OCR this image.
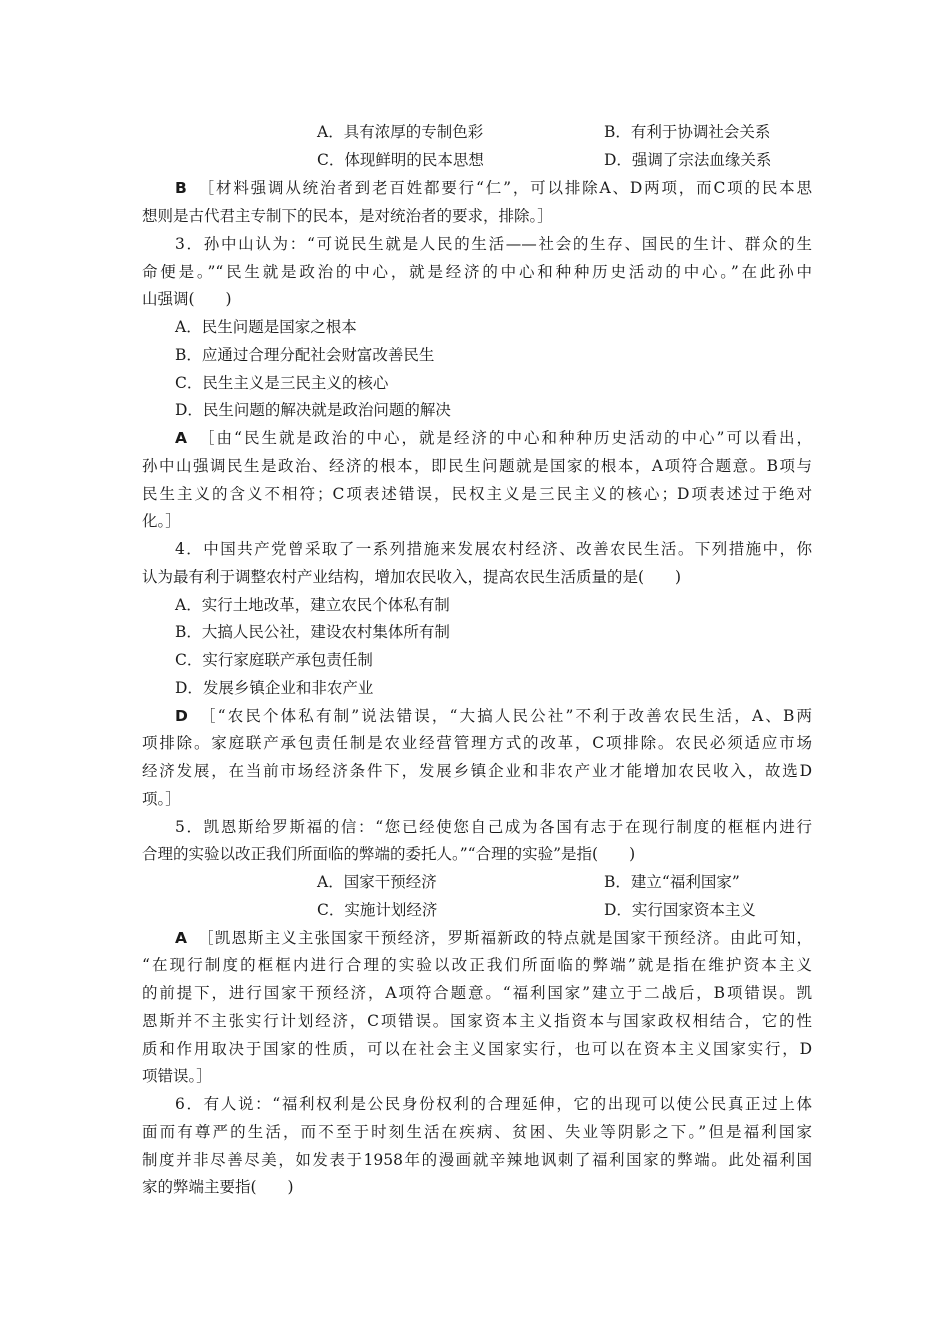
A．具有浓厚的专制色彩	B．有利于协调社会关系
C．体现鲜明的民本思想	D．强调了宗法血缘关系
B ［材料强调从统治者到老百姓都要行“仁”，可以排除A、D两项，而C项的民本思
想则是古代君主专制下的民本，是对统治者的要求，排除。］
3．孙中山认为：“可说民生就是人民的生活——社会的生存、国民的生计、群众的生
命便是。”“民生就是政治的中心，就是经济的中心和种种历史活动的中心。”在此孙中
山强调(　　)
A．民生问题是国家之根本
B．应通过合理分配社会财富改善民生
C．民生主义是三民主义的核心
D．民生问题的解决就是政治问题的解决
A ［由“民生就是政治的中心，就是经济的中心和种种历史活动的中心”可以看出，
孙中山强调民生是政治、经济的根本，即民生问题就是国家的根本，A项符合题意。B项与
民生主义的含义不相符；C项表述错误，民权主义是三民主义的核心；D项表述过于绝对
化。］
4．中国共产党曾采取了一系列措施来发展农村经济、改善农民生活。下列措施中，你
认为最有利于调整农村产业结构，增加农民收入，提高农民生活质量的是(　　)
A．实行土地改革，建立农民个体私有制
B．大搞人民公社，建设农村集体所有制
C．实行家庭联产承包责任制
D．发展乡镇企业和非农产业
D ［“农民个体私有制”说法错误，“大搞人民公社”不利于改善农民生活，A、B两
项排除。家庭联产承包责任制是农业经营管理方式的改革，C项排除。农民必须适应市场
经济发展，在当前市场经济条件下，发展乡镇企业和非农产业才能增加农民收入，故选D
项。］
5．凯恩斯给罗斯福的信：“您已经使您自己成为各国有志于在现行制度的框框内进行
合理的实验以改正我们所面临的弊端的委托人。”“合理的实验”是指(　　)
A．国家干预经济	B．建立“福利国家”
C．实施计划经济	D．实行国家资本主义
A ［凯恩斯主义主张国家干预经济，罗斯福新政的特点就是国家干预经济。由此可知，
“在现行制度的框框内进行合理的实验以改正我们所面临的弊端”就是指在维护资本主义
的前提下，进行国家干预经济，A项符合题意。“福利国家”建立于二战后，B项错误。凯
恩斯并不主张实行计划经济，C项错误。国家资本主义指资本与国家政权相结合，它的性
质和作用取决于国家的性质，可以在社会主义国家实行，也可以在资本主义国家实行，D
项错误。］
6．有人说：“福利权利是公民身份权利的合理延伸，它的出现可以使公民真正过上体
面而有尊严的生活，而不至于时刻生活在疾病、贫困、失业等阴影之下。”但是福利国家
制度并非尽善尽美，如发表于1958年的漫画就辛辣地讽刺了福利国家的弊端。此处福利国
家的弊端主要指(　　)
